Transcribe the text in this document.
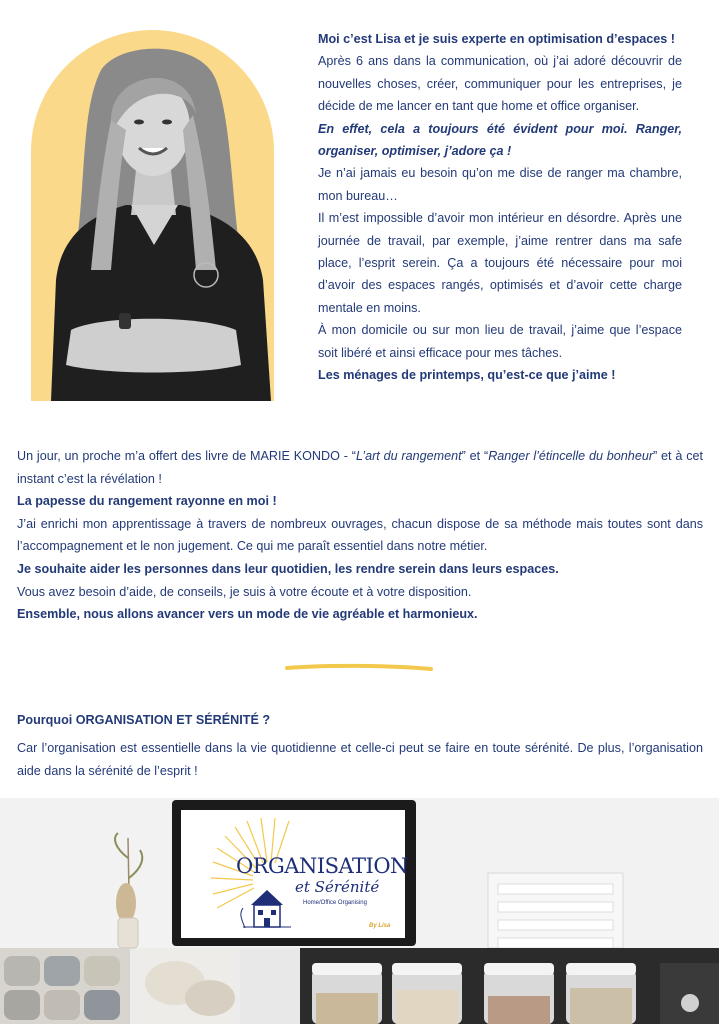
Moi c’est Lisa et je suis experte en optimisation d’espaces !

Après 6 ans dans la communication, où j’ai adoré découvrir de nouvelles choses, créer, communiquer pour les entreprises, je décide de me lancer en tant que home et office organiser.

En effet, cela a toujours été évident pour moi. Ranger, organiser, optimiser, j’adore ça !

Je n’ai jamais eu besoin qu’on me dise de ranger ma chambre, mon bureau…

Il m’est impossible d’avoir mon intérieur en désordre. Après une journée de travail, par exemple, j’aime rentrer dans ma safe place, l’esprit serein. Ça a toujours été nécessaire pour moi d’avoir des espaces rangés, optimisés et d’avoir cette charge mentale en moins.

À mon domicile ou sur mon lieu de travail, j’aime que l’espace soit libéré et ainsi efficace pour mes tâches.

Les ménages de printemps, qu’est-ce que j’aime !

Un jour, un proche m’a offert des livre de MARIE KONDO - “L’art du rangement” et “Ranger l’étincelle du bonheur” et à cet instant c’est la révélation !

La papesse du rangement rayonne en moi !

J’ai enrichi mon apprentissage à travers de nombreux ouvrages, chacun dispose de sa méthode mais toutes sont dans l’accompagnement et le non jugement. Ce qui me paraît essentiel dans notre métier.

Je souhaite aider les personnes dans leur quotidien, les rendre serein dans leurs espaces.

Vous avez besoin d’aide, de conseils, je suis à votre écoute et à votre disposition.

Ensemble, nous allons avancer vers un mode de vie agréable et harmonieux.

Pourquoi ORGANISATION ET SÉRÉNITÉ ?
Car l’organisation est essentielle dans la vie quotidienne et celle-ci peut se faire en toute sérénité. De plus, l’organisation aide dans la sérénité de l’esprit !
ORGANISATION
et Sérénité
Home/Office Organising
By Lisa
